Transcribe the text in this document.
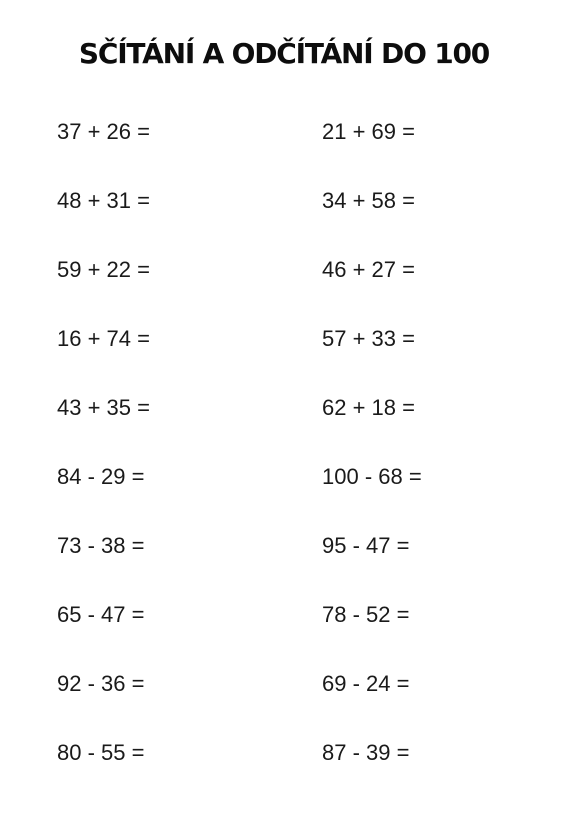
SČÍTÁNÍ A ODČÍTÁNÍ DO 100
37 + 26 =	21 + 69 =
48 + 31 =	34 + 58 =
59 + 22 =	46 + 27 =
16 + 74 =	57 + 33 =
43 + 35 =	62 + 18 =
84 - 29 =	100 - 68 =
73 - 38 =	95 - 47 =
65 - 47 =	78 - 52 =
92 - 36 =	69 - 24 =
80 - 55 =	87 - 39 =
